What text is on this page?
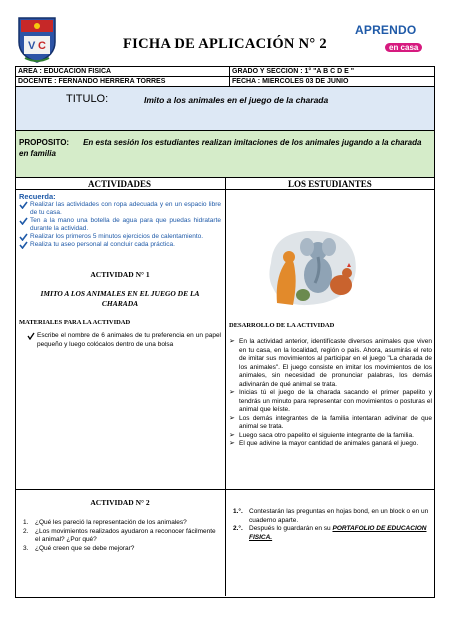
V C	FICHA DE APLICACIÓN N° 2
APRENDO
en casa
AREA : EDUCACION FISICA	GRADO Y SECCION : 1° "A B C D E "
DOCENTE : FERNANDO HERRERA TORRES	FECHA : MIERCOLES 03 DE JUNIO
TITULO:	Imito a los animales en el juego de la charada
PROPOSITO: En esta sesión los estudiantes realizan imitaciones de los animales jugando a la charada en familia
ACTIVIDADES	LOS ESTUDIANTES
Recuerda:
Realizar las actividades con ropa adecuada y en un espacio libre de tu casa.
Ten a la mano una botella de agua para que puedas hidratarte durante la actividad.
Realizar los primeros 5 minutos ejercicios de calentamiento.
Realiza tu aseo personal al concluir cada práctica.
ACTIVIDAD N° 1
IMITO A LOS ANIMALES EN EL JUEGO DE LA CHARADA
MATERIALES PARA LA ACTIVIDAD
Escribe el nombre de 6 animales de tu preferencia en un papel pequeño y luego colócalos dentro de una bolsa
DESARROLLO DE LA ACTIVIDAD
➢ En la actividad anterior, identifícaste diversos animales que viven en tu casa, en la localidad, región o país. Ahora, asumirás el reto de imitar sus movimientos al participar en el juego "La charada de los animales". El juego consiste en imitar los movimientos de los animales, sin necesidad de pronunciar palabras, los demás adivinarán de qué animal se trata.
➢ Inicias tú el juego de la charada sacando el primer papelito y tendrás un minuto para representar con movimientos o posturas el animal que leíste.
➢ Los demás integrantes de la familia intentaran adivinar de que animal se trata.
➢ Luego saca otro papelito el siguiente integrante de la familia.
➢ El que adivine la mayor cantidad de animales ganará el juego.
ACTIVIDAD N° 2
1. ¿Qué les pareció la representación de los animales?
2. ¿Los movimientos realizados ayudaron a reconocer fácilmente el animal? ¿Por qué?
3. ¿Qué creen que se debe mejorar?
1.°. Contestarán las preguntas en hojas bond, en un block o en un cuaderno aparte.
2.°. Después lo guardarán en su PORTAFOLIO DE EDUCACION FISICA.
